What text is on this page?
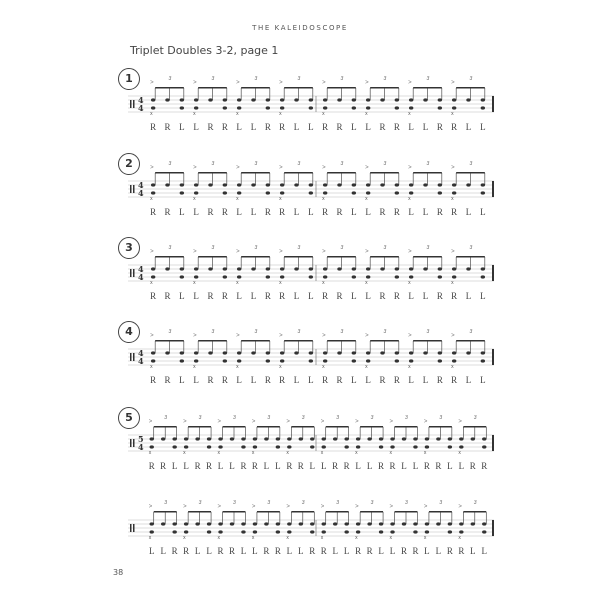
THE KALEIDOSCOPE
Triplet Doubles 3-2, page 1
1
4
4
x
>
3
x
>
3
x
>
3
x
>
3
x
>
3
x
>
3
x
>
3
x
>
3
R R L L R R L L R R L L R R L L R R L L R R L L
2
4
4
x
>
3
x
>
3
x
>
3
x
>
3
x
>
3
x
>
3
x
>
3
x
>
3
R R L L R R L L R R L L R R L L R R L L R R L L
3
4
4
x
>
3
x
>
3
x
>
3
x
>
3
x
>
3
x
>
3
x
>
3
x
>
3
R R L L R R L L R R L L R R L L R R L L R R L L
4
4
4
x
>
3
x
>
3
x
>
3
x
>
3
x
>
3
x
>
3
x
>
3
x
>
3
R R L L R R L L R R L L R R L L R R L L R R L L
5
5
4
x
>
3
x
>
3
x
>
3
x
>
3
x
>
3
x
>
3
x
>
3
x
>
3
x
>
3
x
>
3
R R L L R R L L R R L L R R L L R R L L R R L L R R L L R R
x
>
3
x
>
3
x
>
3
x
>
3
x
>
3
x
>
3
x
>
3
x
>
3
x
>
3
x
>
3
L L R R L L R R L L R R L L R R L L R R L L R R L L R R L L
38
